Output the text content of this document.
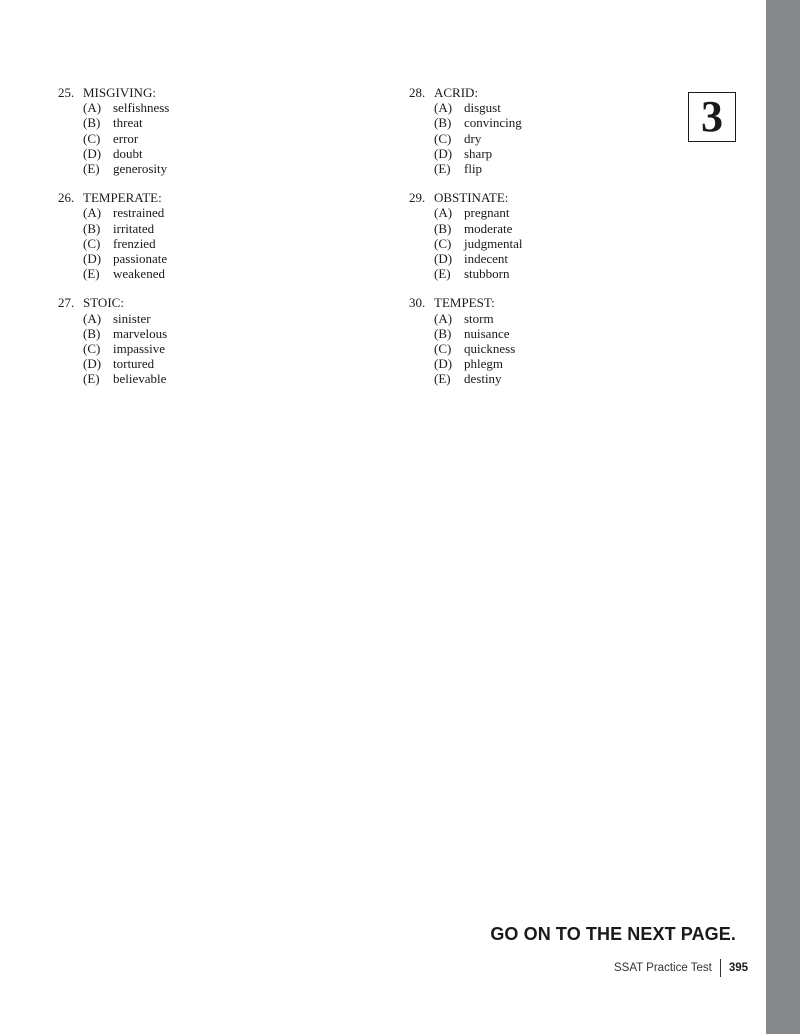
25. MISGIVING:
(A) selfishness
(B) threat
(C) error
(D) doubt
(E)	generosity
26. TEMPERATE:
(A) restrained
(B) irritated
(C) frenzied
(D) passionate
(E)	weakened
27. STOIC:
(A) sinister
(B) marvelous
(C) impassive
(D) tortured
(E)	believable
28. ACRID:
(A) disgust
(B) convincing
(C) dry
(D) sharp
(E)	flip
29. OBSTINATE:
(A) pregnant
(B) moderate
(C) judgmental
(D) indecent
(E)	stubborn
30. TEMPEST:
(A) storm
(B) nuisance
(C) quickness
(D) phlegm
(E)	destiny
3
GO ON TO THE NEXT PAGE.
SSAT Practice Test 395
